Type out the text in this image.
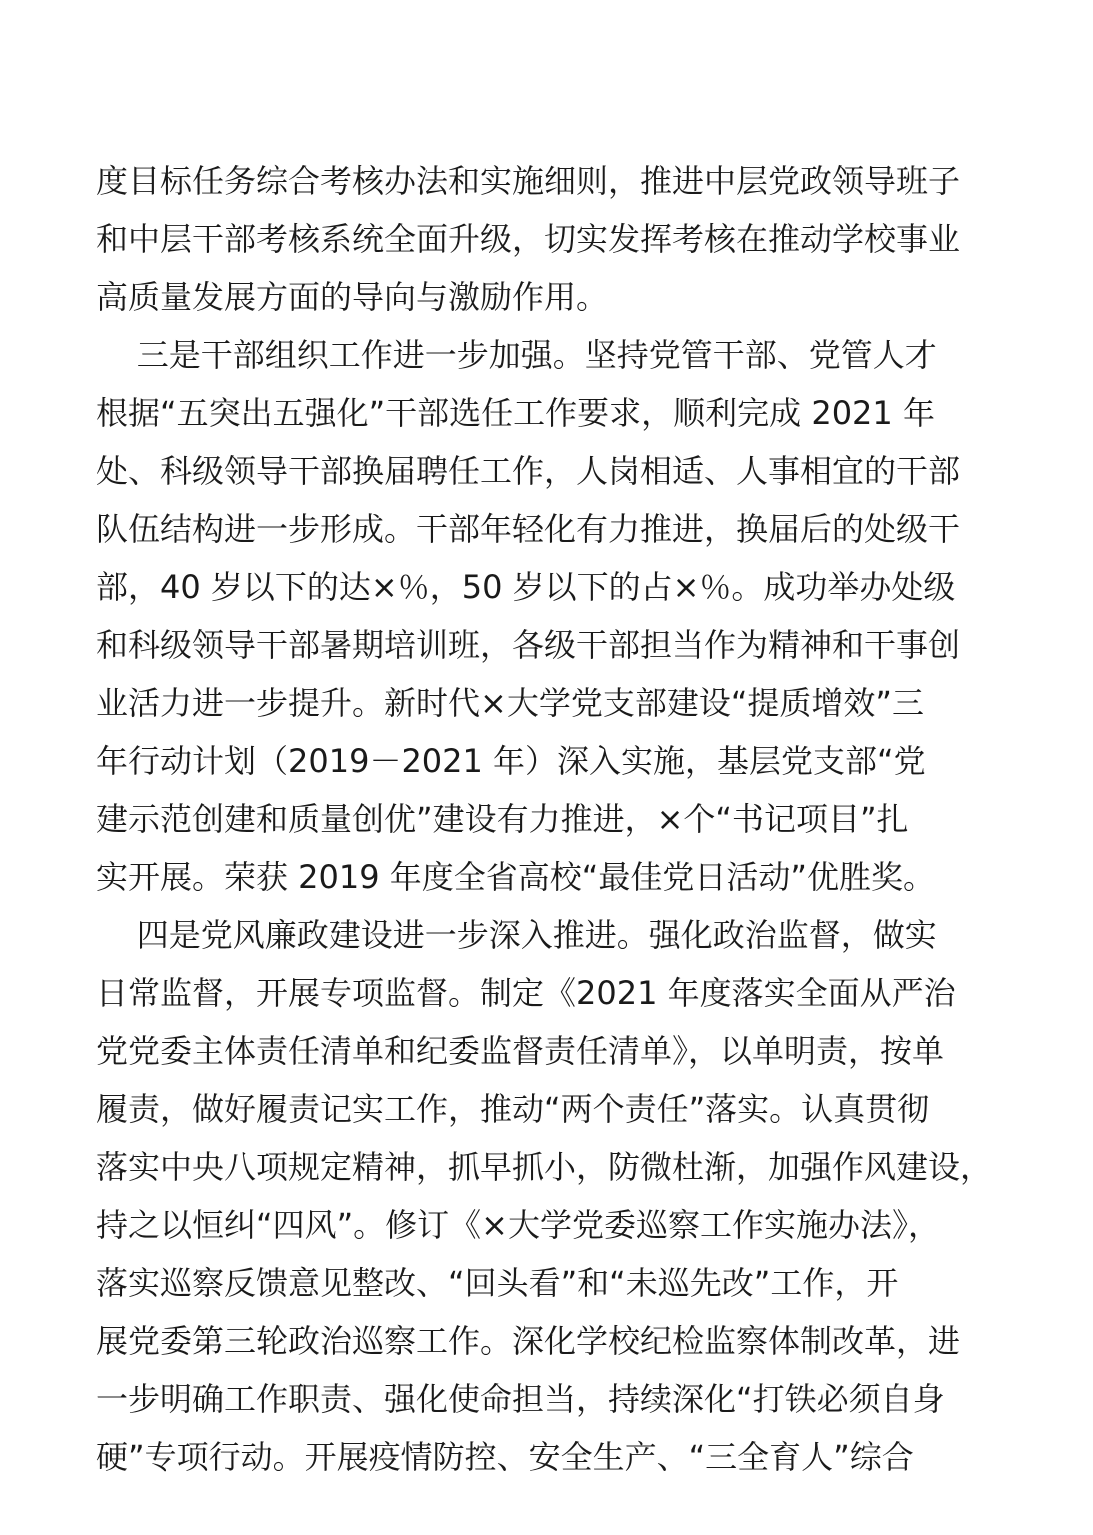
度目标任务综合考核办法和实施细则，推进中层党政领导班子
和中层干部考核系统全面升级，切实发挥考核在推动学校事业
高质量发展方面的导向与激励作用。
三是干部组织工作进一步加强。坚持党管干部、党管人才
根据“五突出五强化”干部选任工作要求，顺利完成 2021 年
处、科级领导干部换届聘任工作，人岗相适、人事相宜的干部
队伍结构进一步形成。干部年轻化有力推进，换届后的处级干
部，40 岁以下的达×％，50 岁以下的占×％。成功举办处级
和科级领导干部暑期培训班，各级干部担当作为精神和干事创
业活力进一步提升。新时代×大学党支部建设“提质增效”三
年行动计划（2019－2021 年）深入实施，基层党支部“党
建示范创建和质量创优”建设有力推进，×个“书记项目”扎
实开展。荣获 2019 年度全省高校“最佳党日活动”优胜奖。
四是党风廉政建设进一步深入推进。强化政治监督，做实
日常监督，开展专项监督。制定《2021 年度落实全面从严治
党党委主体责任清单和纪委监督责任清单》，以单明责，按单
履责，做好履责记实工作，推动“两个责任”落实。认真贯彻
落实中央八项规定精神，抓早抓小，防微杜渐，加强作风建设，
持之以恒纠“四风”。修订《×大学党委巡察工作实施办法》，
落实巡察反馈意见整改、“回头看”和“未巡先改”工作，开
展党委第三轮政治巡察工作。深化学校纪检监察体制改革，进
一步明确工作职责、强化使命担当，持续深化“打铁必须自身
硬”专项行动。开展疫情防控、安全生产、“三全育人”综合
